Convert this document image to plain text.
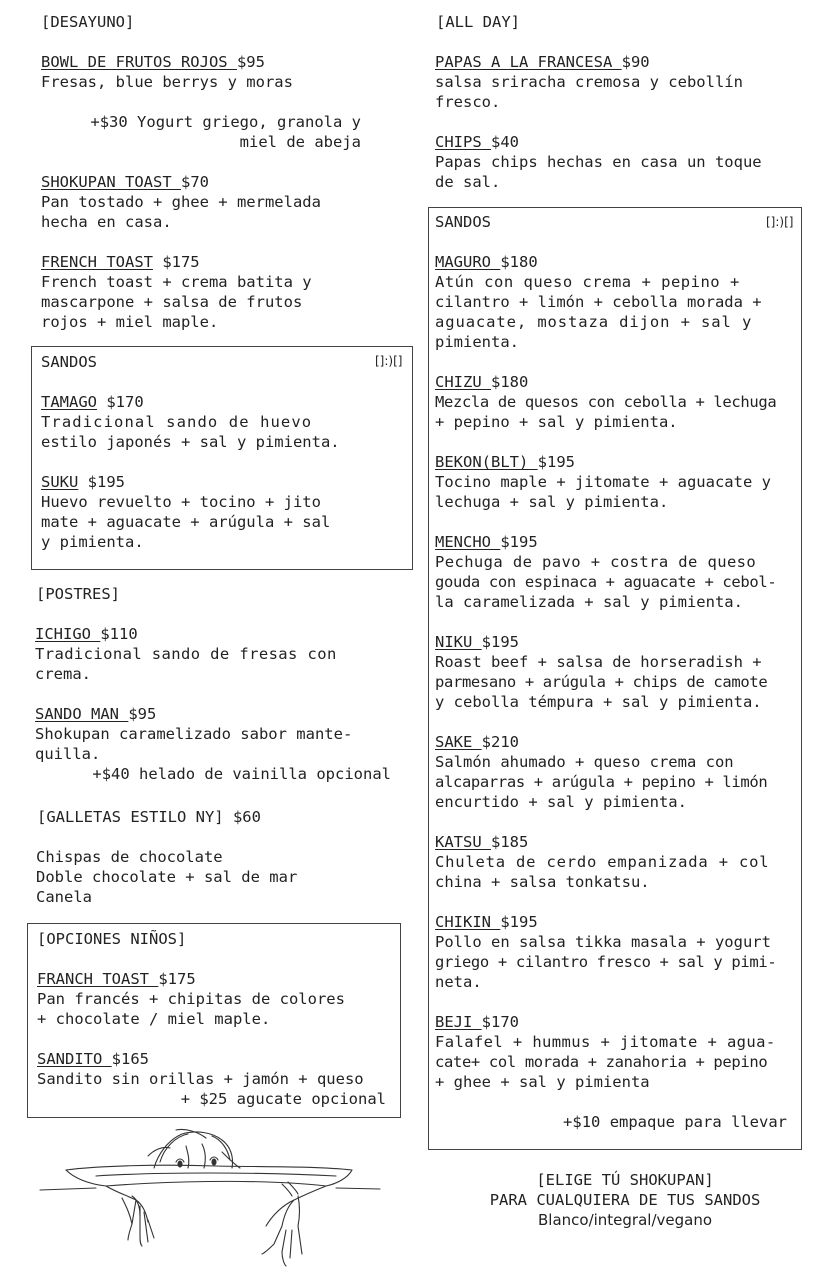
[DESAYUNO]
BOWL DE FRUTOS ROJOS $95
Fresas, blue berrys y moras
+$30 Yogurt griego, granola y
miel de abeja
SHOKUPAN TOAST $70
Pan tostado + ghee + mermelada
hecha en casa.
FRENCH TOAST $175
French toast + crema batita y
mascarpone + salsa de frutos
rojos + miel maple.
SANDOS	[]:)[]
TAMAGO $170
Tradicional sando de huevo
estilo japonés + sal y pimienta.
SUKU $195
Huevo revuelto + tocino + jito
mate + aguacate + arúgula + sal
y pimienta.
[POSTRES]
ICHIGO $110
Tradicional sando de fresas con
crema.
SANDO MAN $95
Shokupan caramelizado sabor mante-
quilla.
+$40 helado de vainilla opcional
[GALLETAS ESTILO NY] $60
Chispas de chocolate
Doble chocolate + sal de mar
Canela
[OPCIONES NIÑOS]
FRANCH TOAST $175
Pan francés + chipitas de colores
+ chocolate / miel maple.
SANDITO $165
Sandito sin orillas + jamón + queso
+ $25 agucate opcional
[ALL DAY]
PAPAS A LA FRANCESA $90
salsa sriracha cremosa y cebollín
fresco.
CHIPS $40
Papas chips hechas en casa un toque
de sal.
SANDOS	[]:)[]
MAGURO $180
Atún con queso crema + pepino +
cilantro + limón + cebolla morada +
aguacate, mostaza dijon + sal y
pimienta.
CHIZU $180
Mezcla de quesos con cebolla + lechuga
+ pepino + sal y pimienta.
BEKON(BLT) $195
Tocino maple + jitomate + aguacate y
lechuga + sal y pimienta.
MENCHO $195
Pechuga de pavo + costra de queso
gouda con espinaca + aguacate + cebol-
la caramelizada + sal y pimienta.
NIKU $195
Roast beef + salsa de horseradish +
parmesano + arúgula + chips de camote
y cebolla témpura + sal y pimienta.
SAKE $210
Salmón ahumado + queso crema con
alcaparras + arúgula + pepino + limón
encurtido + sal y pimienta.
KATSU $185
Chuleta de cerdo empanizada + col
china + salsa tonkatsu.
CHIKIN $195
Pollo en salsa tikka masala + yogurt
griego + cilantro fresco + sal y pimi-
neta.
BEJI $170
Falafel + hummus + jitomate + agua-
cate+ col morada + zanahoria + pepino
+ ghee + sal y pimienta
+$10 empaque para llevar
[ELIGE TÚ SHOKUPAN]
PARA CUALQUIERA DE TUS SANDOS
Blanco/integral/vegano
